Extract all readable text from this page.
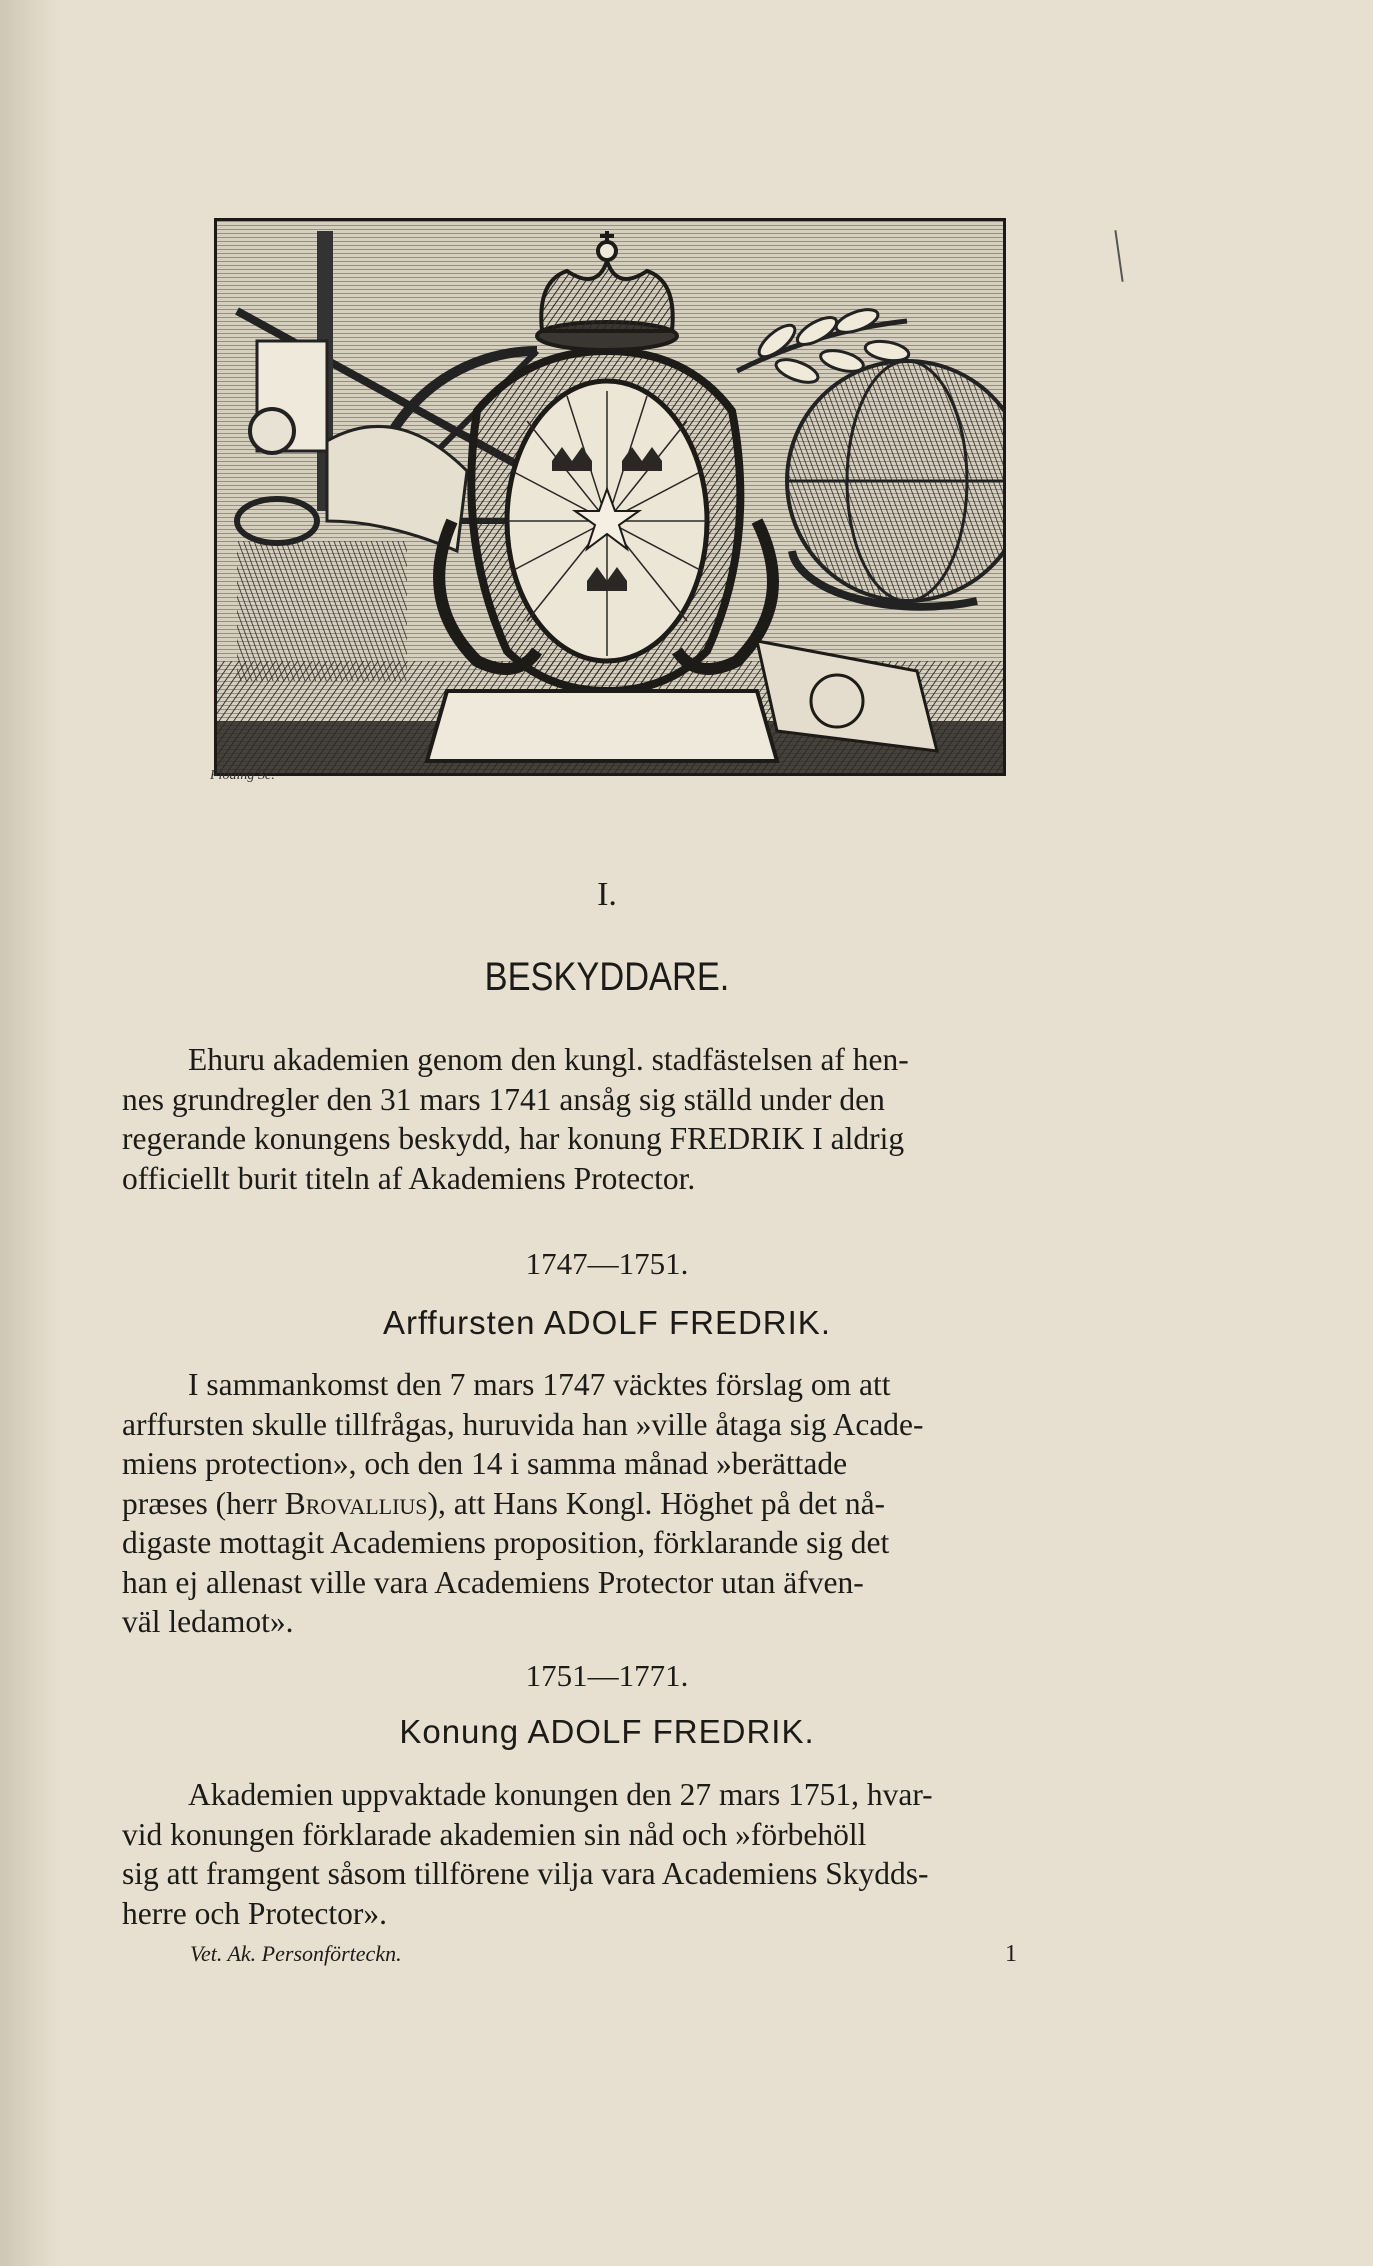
Floding Sc:
I.
BESKYDDARE.

Ehuru akademien genom den kungl. stadfästelsen af hen-

nes grundregler den 31 mars 1741 ansåg sig ställd under den

regerande konungens beskydd, har konung FREDRIK I aldrig

officiellt burit titeln af Akademiens Protector.

1747—1751.
Arffursten ADOLF FREDRIK.

I sammankomst den 7 mars 1747 väcktes förslag om att

arffursten skulle tillfrågas, huruvida han »ville åtaga sig Acade-

miens protection», och den 14 i samma månad »berättade

præses (herr Brovallius), att Hans Kongl. Höghet på det nå-

digaste mottagit Academiens proposition, förklarande sig det

han ej allenast ville vara Academiens Protector utan äfven-

väl ledamot».

1751—1771.
Konung ADOLF FREDRIK.

Akademien uppvaktade konungen den 27 mars 1751, hvar-

vid konungen förklarade akademien sin nåd och »förbehöll

sig att framgent såsom tillförene vilja vara Academiens Skydds-

herre och Protector».

Vet. Ak. Personförteckn.	1
